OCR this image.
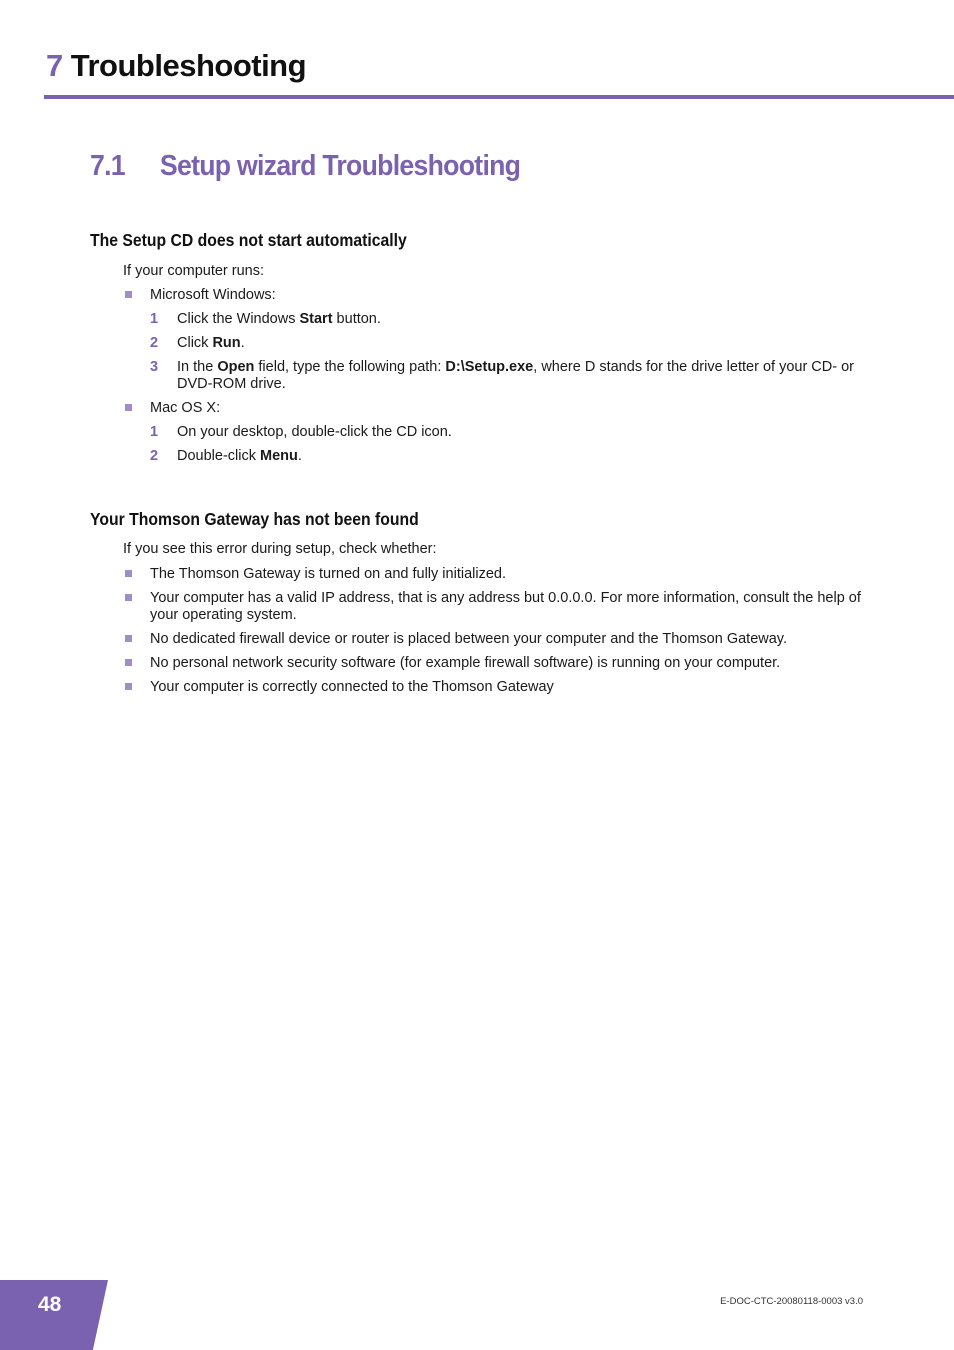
7 Troubleshooting
7.1 Setup wizard Troubleshooting
The Setup CD does not start automatically
If your computer runs:
Microsoft Windows:
1 Click the Windows Start button.
2 Click Run.
3 In the Open field, type the following path: D:\Setup.exe, where D stands for the drive letter of your CD- or DVD-ROM drive.
Mac OS X:
1 On your desktop, double-click the CD icon.
2 Double-click Menu.
Your Thomson Gateway has not been found
If you see this error during setup, check whether:
The Thomson Gateway is turned on and fully initialized.
Your computer has a valid IP address, that is any address but 0.0.0.0. For more information, consult the help of your operating system.
No dedicated firewall device or router is placed between your computer and the Thomson Gateway.
No personal network security software (for example firewall software) is running on your computer.
Your computer is correctly connected to the Thomson Gateway
48	E-DOC-CTC-20080118-0003 v3.0
